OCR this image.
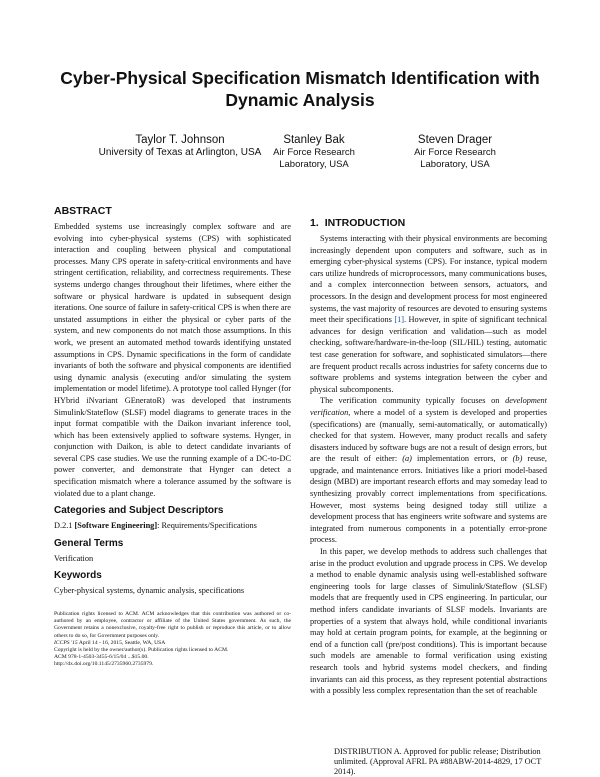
Cyber-Physical Specification Mismatch Identification with Dynamic Analysis
Taylor T. Johnson
University of Texas at Arlington, USA
Stanley Bak
Air Force Research
Laboratory, USA
Steven Drager
Air Force Research
Laboratory, USA
ABSTRACT

Embedded systems use increasingly complex software and are evolving into cyber-physical systems (CPS) with sophisticated interaction and coupling between physical and computational processes. Many CPS operate in safety-critical environments and have stringent certification, reliability, and correctness requirements. These systems undergo changes throughout their lifetimes, where either the software or physical hardware is updated in subsequent design iterations. One source of failure in safety-critical CPS is when there are unstated assumptions in either the physical or cyber parts of the system, and new components do not match those assumptions. In this work, we present an automated method towards identifying unstated assumptions in CPS. Dynamic specifications in the form of candidate invariants of both the software and physical components are identified using dynamic analysis (executing and/or simulating the system implementation or model lifetime). A prototype tool called Hynger (for HYbrid iNvariant GEneratoR) was developed that instruments Simulink/Stateflow (SLSF) model diagrams to generate traces in the input format compatible with the Daikon invariant inference tool, which has been extensively applied to software systems. Hynger, in conjunction with Daikon, is able to detect candidate invariants of several CPS case studies. We use the running example of a DC-to-DC power converter, and demonstrate that Hynger can detect a specification mismatch where a tolerance assumed by the software is violated due to a plant change.

Categories and Subject Descriptors

D.2.1 [Software Engineering]: Requirements/Specifications

General Terms

Verification

Keywords

Cyber-physical systems, dynamic analysis, specifications

Publication rights licensed to ACM. ACM acknowledges that this contribution was authored or co-authored by an employee, contractor or affiliate of the United States government. As such, the Government retains a nonexclusive, royalty-free right to publish or reproduce this article, or to allow others to do so, for Government purposes only.
ICCPS '15 April 14 - 16, 2015, Seattle, WA, USA
Copyright is held by the owner/author(s). Publication rights licensed to ACM.
ACM 978-1-4503-3455-6/15/04 ...$15.00.
http://dx.doi.org/10.1145/2735960.2735979.
1. INTRODUCTION

Systems interacting with their physical environments are becoming increasingly dependent upon computers and software, such as in emerging cyber-physical systems (CPS). For instance, typical modern cars utilize hundreds of microprocessors, many communications buses, and a complex interconnection between sensors, actuators, and processors. In the design and development process for most engineered systems, the vast majority of resources are devoted to ensuring systems meet their specifications [1]. However, in spite of significant technical advances for design verification and validation—such as model checking, software/hardware-in-the-loop (SIL/HIL) testing, automatic test case generation for software, and sophisticated simulators—there are frequent product recalls across industries for safety concerns due to software problems and systems integration between the cyber and physical subcomponents.

The verification community typically focuses on development verification, where a model of a system is developed and properties (specifications) are (manually, semi-automatically, or automatically) checked for that system. However, many product recalls and safety disasters induced by software bugs are not a result of design errors, but are the result of either: (a) implementation errors, or (b) reuse, upgrade, and maintenance errors. Initiatives like a priori model-based design (MBD) are important research efforts and may someday lead to synthesizing provably correct implementations from specifications. However, most systems being designed today still utilize a development process that has engineers write software and systems are integrated from numerous components in a potentially error-prone process.

In this paper, we develop methods to address such challenges that arise in the product evolution and upgrade process in CPS. We develop a method to enable dynamic analysis using well-established software engineering tools for large classes of Simulink/Stateflow (SLSF) models that are frequently used in CPS engineering. In particular, our method infers candidate invariants of SLSF models. Invariants are properties of a system that always hold, while conditional invariants may hold at certain program points, for example, at the beginning or end of a function call (pre/post conditions). This is important because such models are amenable to formal verification using existing research tools and hybrid systems model checkers, and finding invariants can aid this process, as they represent potential abstractions with a possibly less complex representation than the set of reachable

DISTRIBUTION A. Approved for public release; Distribution unlimited. (Approval AFRL PA #88ABW-2014-4829, 17 OCT 2014).
